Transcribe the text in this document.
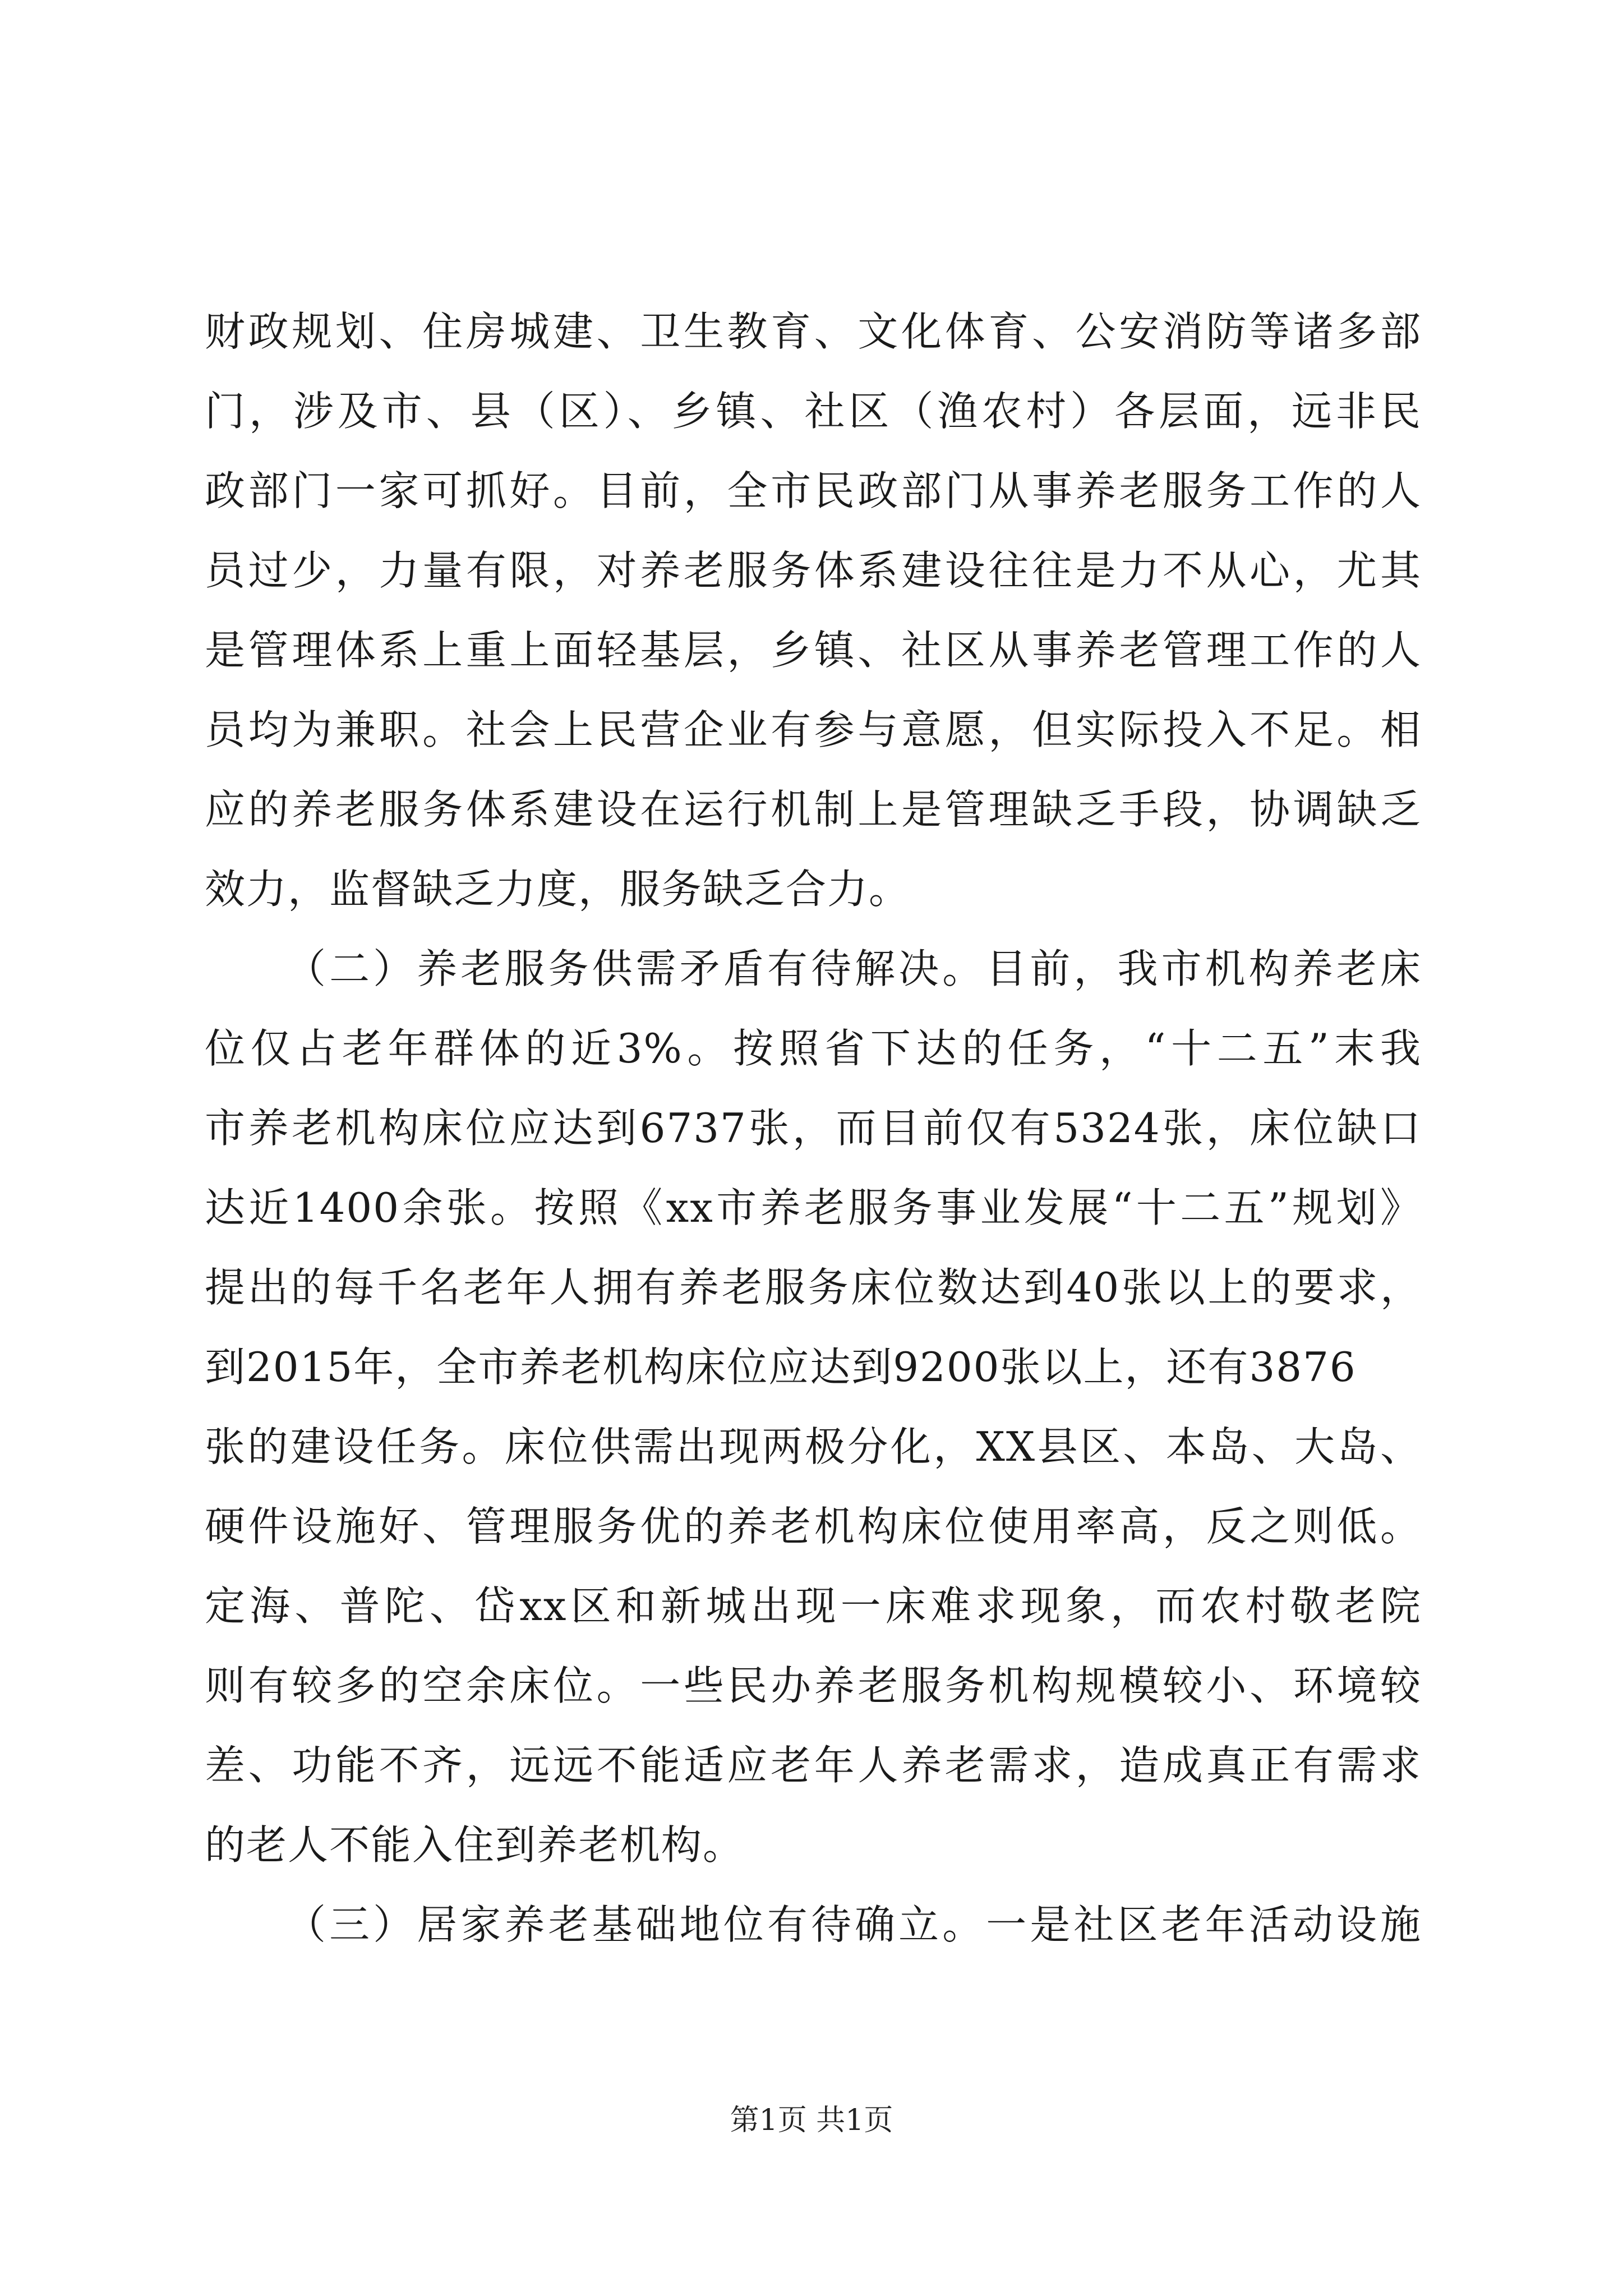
财政规划、住房城建、卫生教育、文化体育、公安消防等诸多部
门，涉及市、县（区）、乡镇、社区（渔农村）各层面，远非民
政部门一家可抓好。目前，全市民政部门从事养老服务工作的人
员过少，力量有限，对养老服务体系建设往往是力不从心，尤其
是管理体系上重上面轻基层，乡镇、社区从事养老管理工作的人
员均为兼职。社会上民营企业有参与意愿，但实际投入不足。相
应的养老服务体系建设在运行机制上是管理缺乏手段，协调缺乏
效力，监督缺乏力度，服务缺乏合力。
（二）养老服务供需矛盾有待解决。目前，我市机构养老床
位仅占老年群体的近3%。按照省下达的任务，“十二五”末我
市养老机构床位应达到6737张，而目前仅有5324张，床位缺口
达近1400余张。按照《xx市养老服务事业发展“十二五”规划》
提出的每千名老年人拥有养老服务床位数达到40张以上的要求，
到2015年，全市养老机构床位应达到9200张以上，还有3876
张的建设任务。床位供需出现两极分化，XX县区、本岛、大岛、
硬件设施好、管理服务优的养老机构床位使用率高，反之则低。
定海、普陀、岱xx区和新城出现一床难求现象，而农村敬老院
则有较多的空余床位。一些民办养老服务机构规模较小、环境较
差、功能不齐，远远不能适应老年人养老需求，造成真正有需求
的老人不能入住到养老机构。
（三）居家养老基础地位有待确立。一是社区老年活动设施
第1页 共1页
